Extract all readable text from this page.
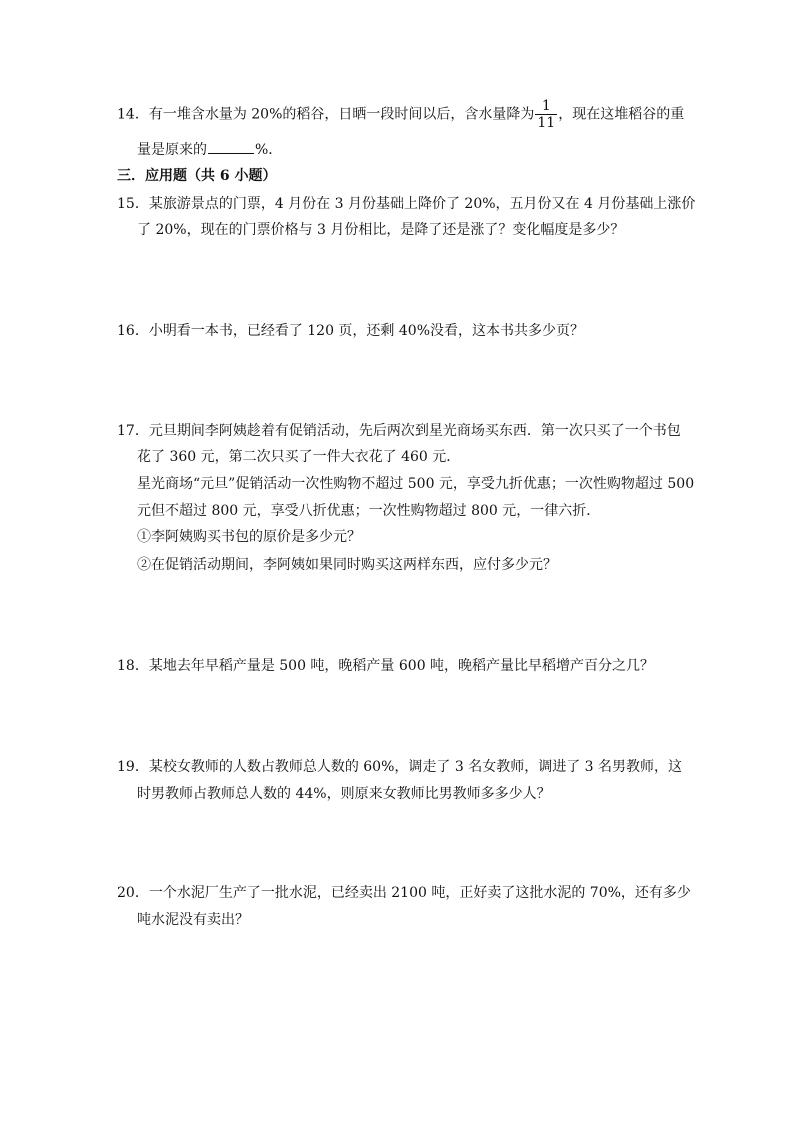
14．有一堆含水量为 20%的稻谷，日晒一段时间以后，含水量降为 $\frac{1}{11}$ ，现在这堆稻谷的重
量是原来的	%．
三．应用题（共 6 小题）
15．某旅游景点的门票，4 月份在 3 月份基础上降价了 20%，五月份又在 4 月份基础上涨价
了 20%，现在的门票价格与 3 月份相比，是降了还是涨了？变化幅度是多少？
16．小明看一本书，已经看了 120 页，还剩 40%没看，这本书共多少页？
17．元旦期间李阿姨趁着有促销活动，先后两次到星光商场买东西．第一次只买了一个书包
花了 360 元，第二次只买了一件大衣花了 460 元．
星光商场“元旦”促销活动一次性购物不超过 500 元，享受九折优惠；一次性购物超过 500
元但不超过 800 元，享受八折优惠；一次性购物超过 800 元，一律六折．
①李阿姨购买书包的原价是多少元？
②在促销活动期间，李阿姨如果同时购买这两样东西，应付多少元？
18．某地去年早稻产量是 500 吨，晚稻产量 600 吨，晚稻产量比早稻增产百分之几？
19．某校女教师的人数占教师总人数的 60%，调走了 3 名女教师，调进了 3 名男教师，这
时男教师占教师总人数的 44%，则原来女教师比男教师多多少人？
20．一个水泥厂生产了一批水泥，已经卖出 2100 吨，正好卖了这批水泥的 70%，还有多少
吨水泥没有卖出？
